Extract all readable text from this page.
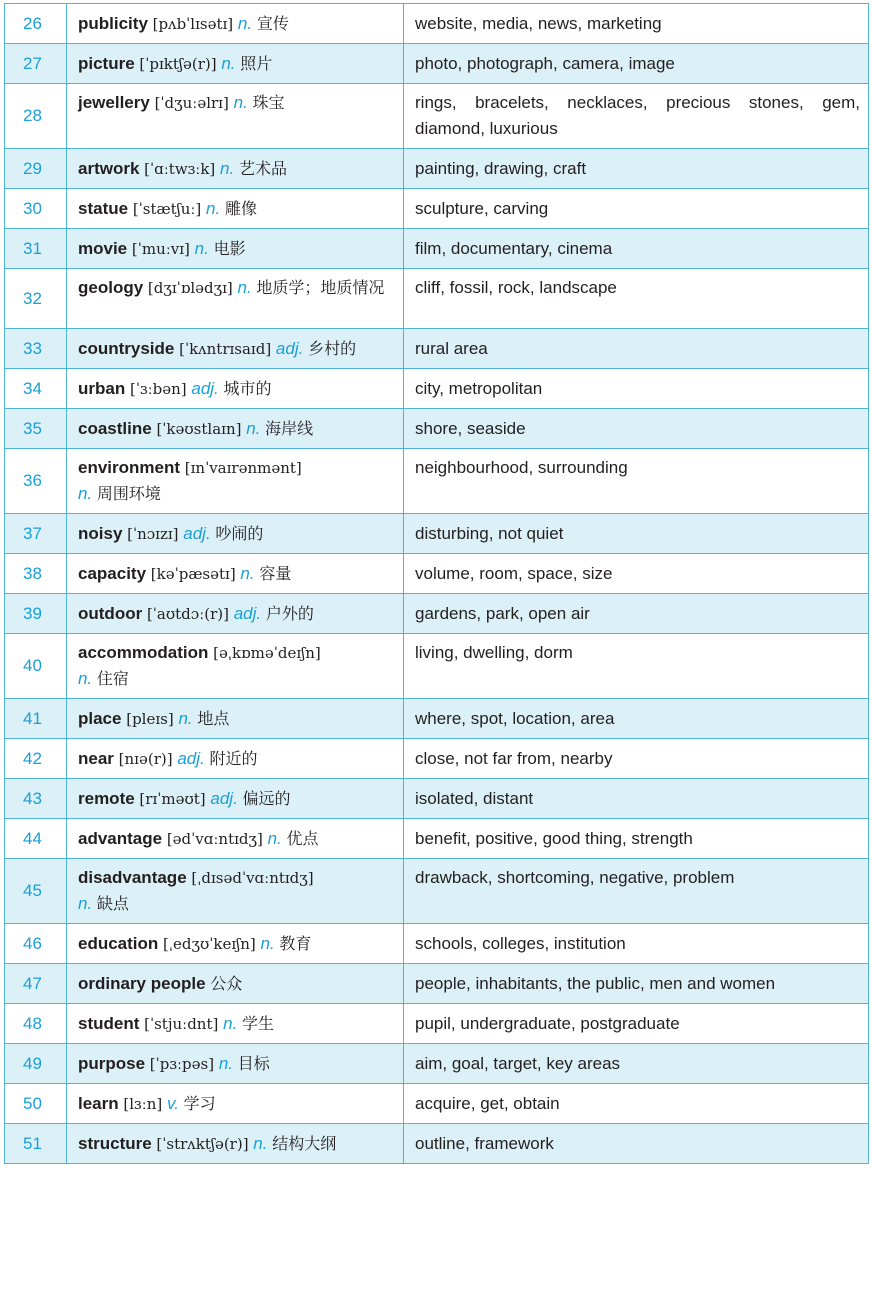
26	publicity [pʌbˈlɪsətɪ] n. 宣传	website, media, news, marketing

27	picture [ˈpɪktʃə(r)] n. 照片	photo, photograph, camera, image

28	jewellery [ˈdʒuːəlrɪ] n. 珠宝	rings, bracelets, necklaces, precious stones, gem, diamond, luxurious

29	artwork [ˈɑːtwɜːk] n. 艺术品	painting, drawing, craft

30	statue [ˈstætʃuː] n. 雕像	sculpture, carving

31	movie [ˈmuːvɪ] n. 电影	film, documentary, cinema

32	geology [dʒɪˈɒlədʒɪ] n. 地质学；地质情况	cliff, fossil, rock, landscape

33	countryside [ˈkʌntrɪsaɪd] adj. 乡村的	rural area

34	urban [ˈɜːbən] adj. 城市的	city, metropolitan

35	coastline [ˈkəʊstlaɪn] n. 海岸线	shore, seaside

36	environment [ɪnˈvaɪrənmənt]
n. 周围环境	neighbourhood, surrounding

37	noisy [ˈnɔɪzɪ] adj. 吵闹的	disturbing, not quiet

38	capacity [kəˈpæsətɪ] n. 容量	volume, room, space, size

39	outdoor [ˈaʊtdɔː(r)] adj. 户外的	gardens, park, open air

40	accommodation [əˌkɒməˈdeɪʃn]
n. 住宿	living, dwelling, dorm

41	place [pleɪs] n. 地点	where, spot, location, area

42	near [nɪə(r)] adj. 附近的	close, not far from, nearby

43	remote [rɪˈməʊt] adj. 偏远的	isolated, distant

44	advantage [ədˈvɑːntɪdʒ] n. 优点	benefit, positive, good thing, strength

45	disadvantage [ˌdɪsədˈvɑːntɪdʒ]
n. 缺点	drawback, shortcoming, negative, problem

46	education [ˌedʒʊˈkeɪʃn] n. 教育	schools, colleges, institution

47	ordinary people 公众	people, inhabitants, the public, men and women

48	student [ˈstjuːdnt] n. 学生	pupil, undergraduate, postgraduate

49	purpose [ˈpɜːpəs] n. 目标	aim, goal, target, key areas

50	learn [lɜːn] v. 学习	acquire, get, obtain

51	structure [ˈstrʌktʃə(r)] n. 结构大纲	outline, framework
